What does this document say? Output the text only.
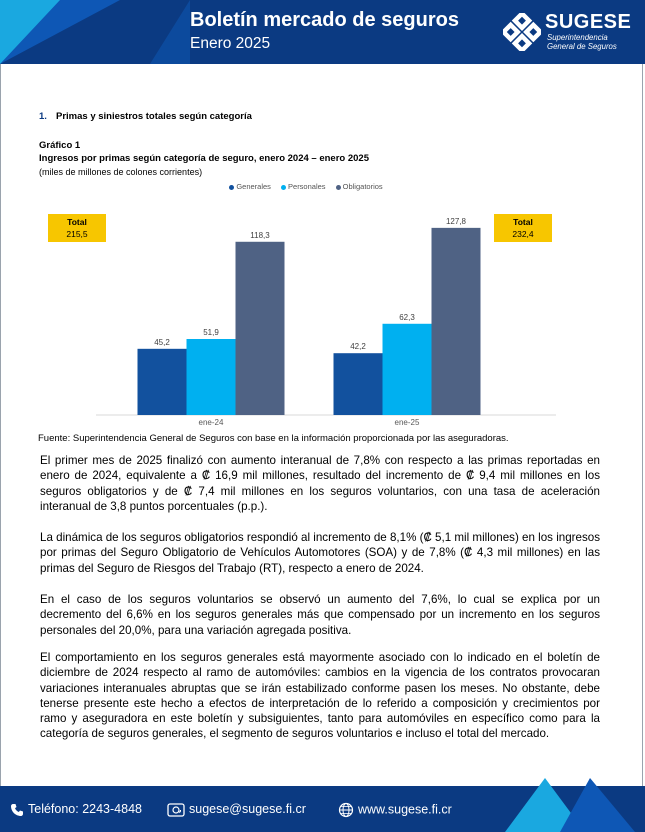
Boletín mercado de seguros
Enero 2025
SUGESE
Superintendencia
General de Seguros
1. Primas y siniestros totales según categoría
Gráfico 1
Ingresos por primas según categoría de seguro, enero 2024 – enero 2025
(miles de millones de colones corrientes)
Generales Personales Obligatorios
Total
215,5
Total
232,4
45,2
51,9
118,3
ene-24
42,2
62,3
127,8
ene-25
Fuente: Superintendencia General de Seguros con base en la información proporcionada por las aseguradoras.
El primer mes de 2025 finalizó con aumento interanual de 7,8% con respecto a las primas reportadas en enero de 2024, equivalente a ₡ 16,9 mil millones, resultado del incremento de ₡ 9,4 mil millones en los seguros obligatorios y de ₡ 7,4 mil millones en los seguros voluntarios, con una tasa de aceleración interanual de 3,8 puntos porcentuales (p.p.).
La dinámica de los seguros obligatorios respondió al incremento de 8,1% (₡ 5,1 mil millones) en los ingresos por primas del Seguro Obligatorio de Vehículos Automotores (SOA) y de 7,8% (₡ 4,3 mil millones) en las primas del Seguro de Riesgos del Trabajo (RT), respecto a enero de 2024.
En el caso de los seguros voluntarios se observó un aumento del 7,6%, lo cual se explica por un decremento del 6,6% en los seguros generales más que compensado por un incremento en los seguros personales del 20,0%, para una variación agregada positiva.
El comportamiento en los seguros generales está mayormente asociado con lo indicado en el boletín de diciembre de 2024 respecto al ramo de automóviles: cambios en la vigencia de los contratos provocaran variaciones interanuales abruptas que se irán estabilizado conforme pasen los meses. No obstante, debe tenerse presente este hecho a efectos de interpretación de lo referido a composición y crecimientos por ramo y aseguradora en este boletín y subsiguientes, tanto para automóviles en específico como para la categoría de seguros generales, el segmento de seguros voluntarios e incluso el total del mercado.
Teléfono: 2243-4848	sugese@sugese.fi.cr	www.sugese.fi.cr
